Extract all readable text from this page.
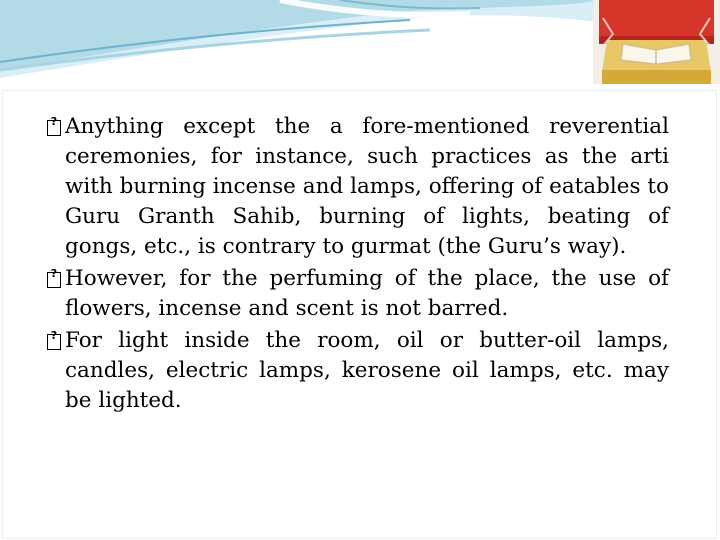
?
Anything except the a fore-mentioned reverential ceremonies, for instance, such practices as the arti with burning incense and lamps, offering of eatables to Guru Granth Sahib, burning of lights, beating of gongs, etc., is contrary to gurmat (the Guru’s way).
?
However, for the perfuming of the place, the use of flowers, incense and scent is not barred.
?
For light inside the room, oil or butter-oil lamps, candles, electric lamps, kerosene oil lamps, etc. may be lighted.
